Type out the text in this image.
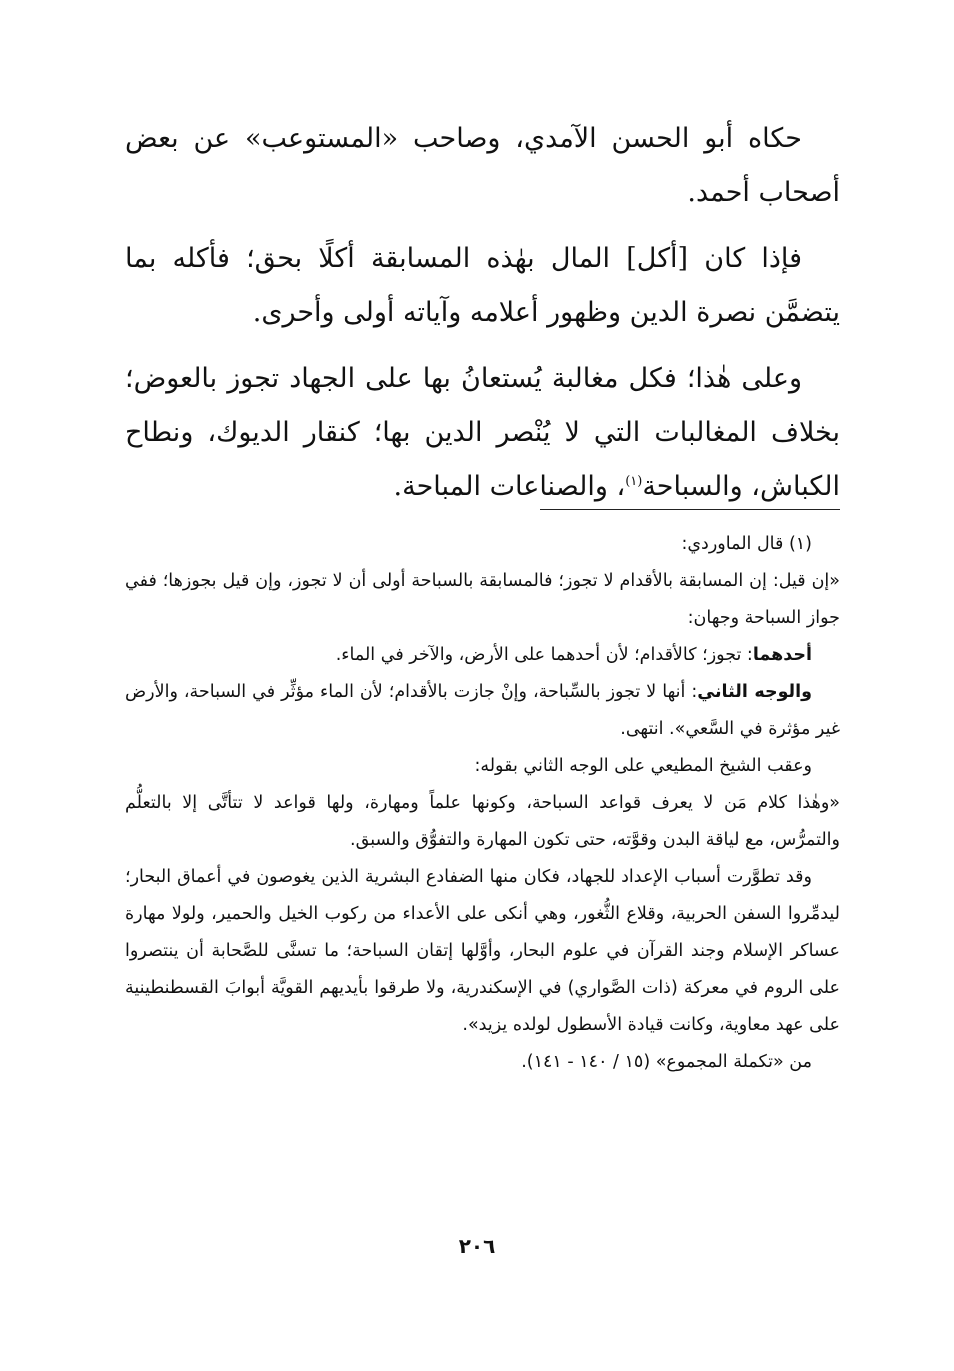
حكاه أبو الحسن الآمدي، وصاحب «المستوعب» عن بعض أصحاب أحمد.

فإذا كان [أكل] المال بهٰذه المسابقة أكلًا بحق؛ فأكله بما يتضمَّن نصرة الدين وظهور أعلامه وآياته أولى وأحرى.

وعلى هٰذا؛ فكل مغالبة يُستعانُ بها على الجهاد تجوز بالعوض؛ بخلاف المغالبات التي لا يُنْصر الدين بها؛ كنقار الديوك، ونطاح الكباش، والسباحة$^{(١)}$، والصناعات المباحة.

(١) قال الماوردي:

«إن قيل: إن المسابقة بالأقدام لا تجوز؛ فالمسابقة بالسباحة أولى أن لا تجوز، وإن قيل بجوزها؛ ففي جواز السباحة وجهان:

أحدهما: تجوز؛ كالأقدام؛ لأن أحدهما على الأرض، والآخر في الماء.

والوجه الثاني: أنها لا تجوز بالسِّباحة، وإنْ جازت بالأقدام؛ لأن الماء مؤثِّر في السباحة، والأرض غير مؤثرة في السَّعي». انتهى.

وعقب الشيخ المطيعي على الوجه الثاني بقوله:

«وهٰذا كلام مَن لا يعرف قواعد السباحة، وكونها علماً ومهارة، ولها قواعد لا تتأتَّى إلا بالتعلُّم والتمرُّس، مع لياقة البدن وقوَّته، حتى تكون المهارة والتفوُّق والسبق.

وقد تطوَّرت أسباب الإعداد للجهاد، فكان منها الضفادع البشرية الذين يغوصون في أعماق البحار؛ ليدمِّروا السفن الحربية، وقلاع الثُّغور، وهي أنكى على الأعداء من ركوب الخيل والحمير، ولولا مهارة عساكر الإسلام وجند القرآن في علوم البحار، وأوَّلها إتقان السباحة؛ ما تسنَّى للصَّحابة أن ينتصروا على الروم في معركة (ذات الصَّواري) في الإسكندرية، ولا طرقوا بأيديهم القويَّة أبوابَ القسطنطينية على عهد معاوية، وكانت قيادة الأسطول لولده يزيد».

من «تكملة المجموع» (١٥ / ١٤٠ - ١٤١).

٢٠٦
